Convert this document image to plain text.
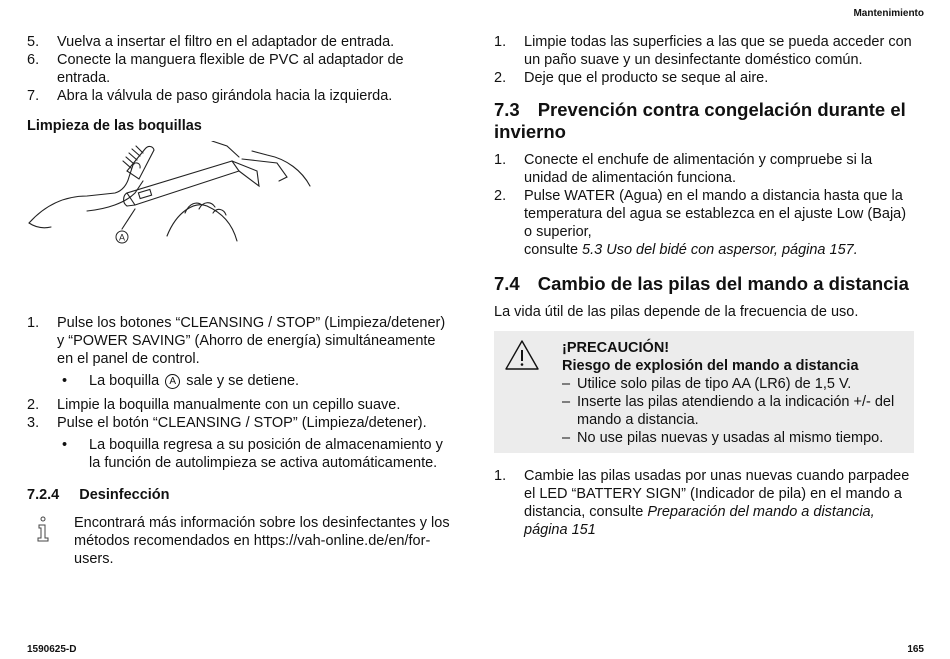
Mantenimiento
5. Vuelva a insertar el filtro en el adaptador de entrada.
6. Conecte la manguera flexible de PVC al adaptador de entrada.
7. Abra la válvula de paso girándola hacia la izquierda.
Limpieza de las boquillas
A
1. Pulse los botones “CLEANSING / STOP” (Limpieza/detener) y “POWER SAVING” (Ahorro de energía) simultáneamente en el panel de control.
• La boquilla A sale y se detiene.
2. Limpie la boquilla manualmente con un cepillo suave.
3. Pulse el botón “CLEANSING / STOP” (Limpieza/detener).
• La boquilla regresa a su posición de almacenamiento y la función de autolimpieza se activa automáticamente.
7.2.4 Desinfección

Encontrará más información sobre los desinfectantes y los métodos recomendados en https://vah-online.de/en/for-users.

1. Limpie todas las superficies a las que se pueda acceder con un paño suave y un desinfectante doméstico común.
2. Deje que el producto se seque al aire.
7.3 Prevención contra congelación durante el invierno
1. Conecte el enchufe de alimentación y compruebe si la unidad de alimentación funciona.
2. Pulse WATER (Agua) en el mando a distancia hasta que la temperatura del agua se establezca en el ajuste Low (Baja) o superior,
consulte 5.3 Uso del bidé con aspersor, página 157.
7.4 Cambio de las pilas del mando a distancia

La vida útil de las pilas depende de la frecuencia de uso.

¡PRECAUCIÓN!
Riesgo de explosión del mando a distancia
– Utilice solo pilas de tipo AA (LR6) de 1,5 V.
– Inserte las pilas atendiendo a la indicación +/- del mando a distancia.
– No use pilas nuevas y usadas al mismo tiempo.
1. Cambie las pilas usadas por unas nuevas cuando parpadee el LED “BATTERY SIGN” (Indicador de pila) en el mando a distancia, consulte Preparación del mando a distancia, página 151
1590625-D	165
